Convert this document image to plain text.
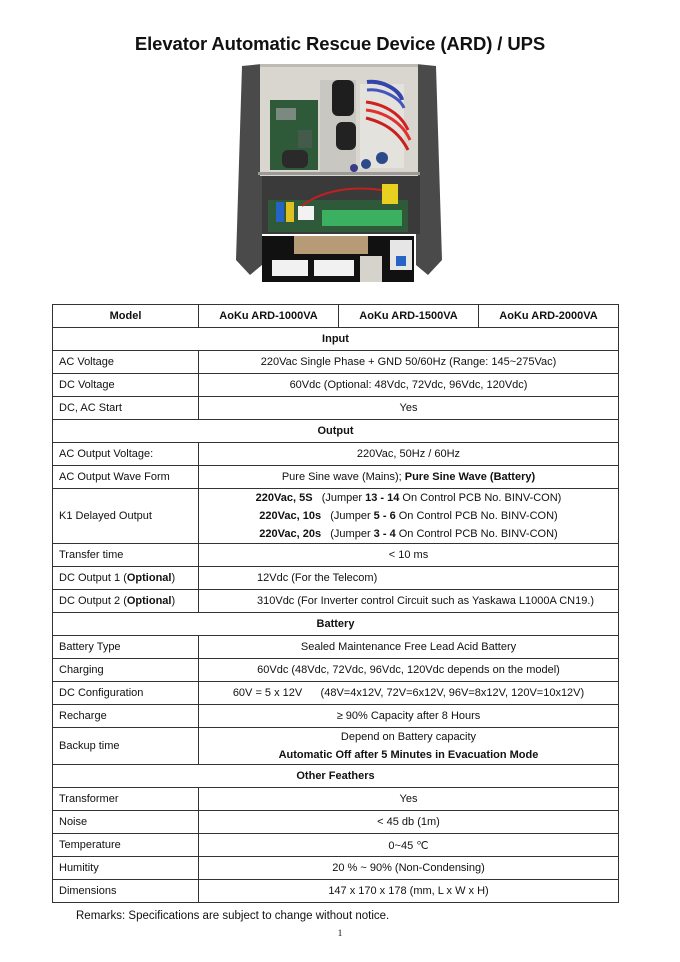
Elevator Automatic Rescue Device (ARD) / UPS
Model	AoKu ARD-1000VA	AoKu ARD-1500VA	AoKu ARD-2000VA
Input			
AC Voltage	220Vac Single Phase + GND 50/60Hz (Range: 145~275Vac)		
DC Voltage	60Vdc (Optional: 48Vdc, 72Vdc, 96Vdc, 120Vdc)		
DC, AC Start	Yes		
Output			
AC Output Voltage:	220Vac, 50Hz / 60Hz		
AC Output Wave Form	Pure Sine wave (Mains); Pure Sine Wave (Battery)		
K1 Delayed Output	220Vac, 5S (Jumper 13 - 14 On Control PCB No. BINV-CON)
220Vac, 10s (Jumper 5 - 6 On Control PCB No. BINV-CON)
220Vac, 20s (Jumper 3 - 4 On Control PCB No. BINV-CON)		

Transfer time	< 10 ms		
DC Output 1 (Optional)	12Vdc (For the Telecom)		
DC Output 2 (Optional)	310Vdc (For Inverter control Circuit such as Yaskawa L1000A CN19.)		
Battery			
Battery Type	Sealed Maintenance Free Lead Acid Battery		
Charging	60Vdc (48Vdc, 72Vdc, 96Vdc, 120Vdc depends on the model)		
DC Configuration	60V = 5 x 12V      (48V=4x12V, 72V=6x12V, 96V=8x12V, 120V=10x12V)		
Recharge	≥ 90% Capacity after 8 Hours		
Backup time	Depend on Battery capacity
Automatic Off after 5 Minutes in Evacuation Mode		

Other Feathers			
Transformer	Yes		
Noise	< 45 db (1m)		
Temperature	0~45 ℃		
Humitity	20 % ~ 90% (Non-Condensing)		
Dimensions	147 x 170 x 178 (mm, L x W x H)		
Remarks: Specifications are subject to change without notice.
1
